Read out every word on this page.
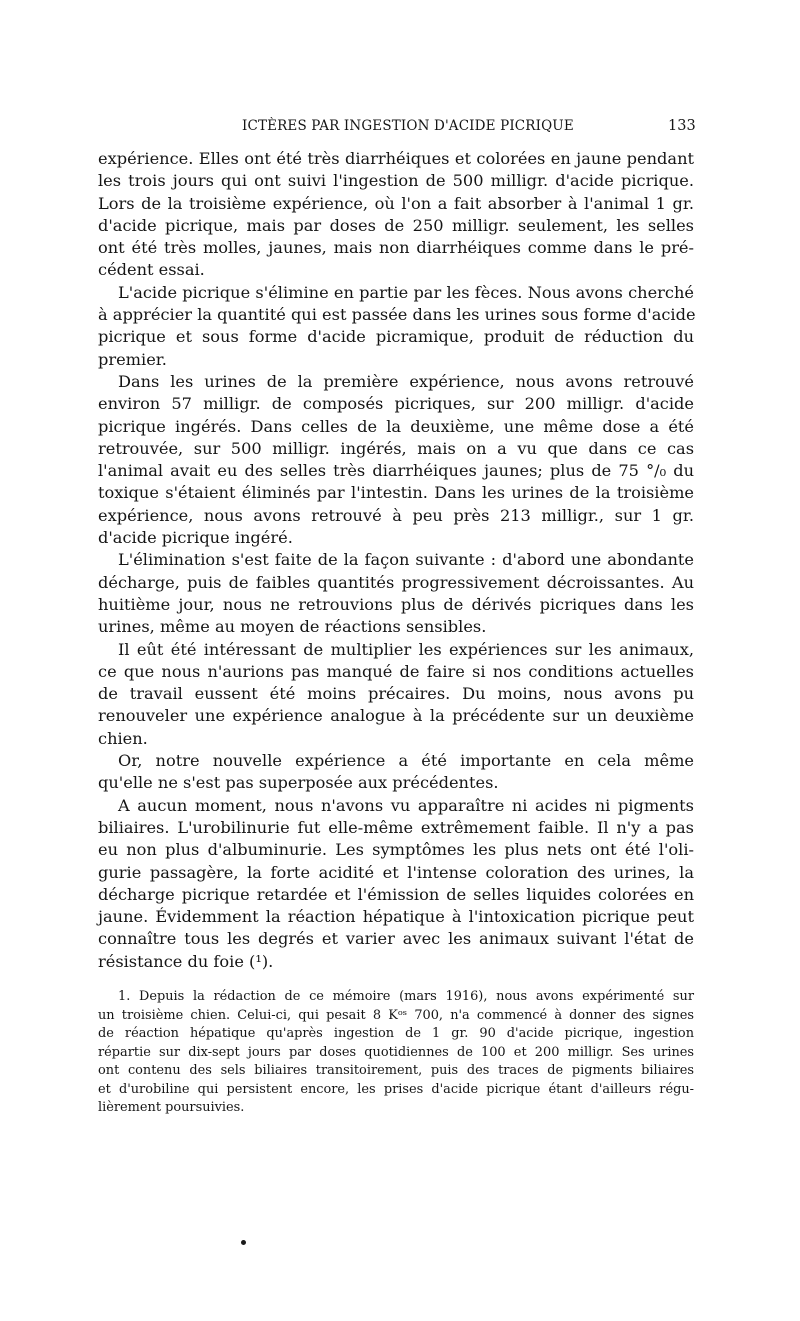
ICTÈRES PAR INGESTION D'ACIDE PICRIQUE	133
expérience. Elles ont été très diarrhéiques et colorées en jaune pendant
les trois jours qui ont suivi l'ingestion de 500 milligr. d'acide picrique.
Lors de la troisième expérience, où l'on a fait absorber à l'animal 1 gr.
d'acide picrique, mais par doses de 250 milligr. seulement, les selles
ont été très molles, jaunes, mais non diarrhéiques comme dans le pré-
cédent essai.
L'acide picrique s'élimine en partie par les fèces. Nous avons cherché
à apprécier la quantité qui est passée dans les urines sous forme d'acide
picrique et sous forme d'acide picramique, produit de réduction du
premier.
Dans les urines de la première expérience, nous avons retrouvé
environ 57 milligr. de composés picriques, sur 200 milligr. d'acide
picrique ingérés. Dans celles de la deuxième, une même dose a été
retrouvée, sur 500 milligr. ingérés, mais on a vu que dans ce cas
l'animal avait eu des selles très diarrhéiques jaunes; plus de 75 °/₀ du
toxique s'étaient éliminés par l'intestin. Dans les urines de la troisième
expérience, nous avons retrouvé à peu près 213 milligr., sur 1 gr.
d'acide picrique ingéré.
L'élimination s'est faite de la façon suivante : d'abord une abondante
décharge, puis de faibles quantités progressivement décroissantes. Au
huitième jour, nous ne retrouvions plus de dérivés picriques dans les
urines, même au moyen de réactions sensibles.
Il eût été intéressant de multiplier les expériences sur les animaux,
ce que nous n'aurions pas manqué de faire si nos conditions actuelles
de travail eussent été moins précaires. Du moins, nous avons pu
renouveler une expérience analogue à la précédente sur un deuxième
chien.
Or, notre nouvelle expérience a été importante en cela même
qu'elle ne s'est pas superposée aux précédentes.
A aucun moment, nous n'avons vu apparaître ni acides ni pigments
biliaires. L'urobilinurie fut elle-même extrêmement faible. Il n'y a pas
eu non plus d'albuminurie. Les symptômes les plus nets ont été l'oli-
gurie passagère, la forte acidité et l'intense coloration des urines, la
décharge picrique retardée et l'émission de selles liquides colorées en
jaune. Évidemment la réaction hépatique à l'intoxication picrique peut
connaître tous les degrés et varier avec les animaux suivant l'état de
résistance du foie (¹).
1. Depuis la rédaction de ce mémoire (mars 1916), nous avons expérimenté sur
un troisième chien. Celui-ci, qui pesait 8 Kᵒˢ 700, n'a commencé à donner des signes
de réaction hépatique qu'après ingestion de 1 gr. 90 d'acide picrique, ingestion
répartie sur dix-sept jours par doses quotidiennes de 100 et 200 milligr. Ses urines
ont contenu des sels biliaires transitoirement, puis des traces de pigments biliaires
et d'urobiline qui persistent encore, les prises d'acide picrique étant d'ailleurs régu-
lièrement poursuivies.
